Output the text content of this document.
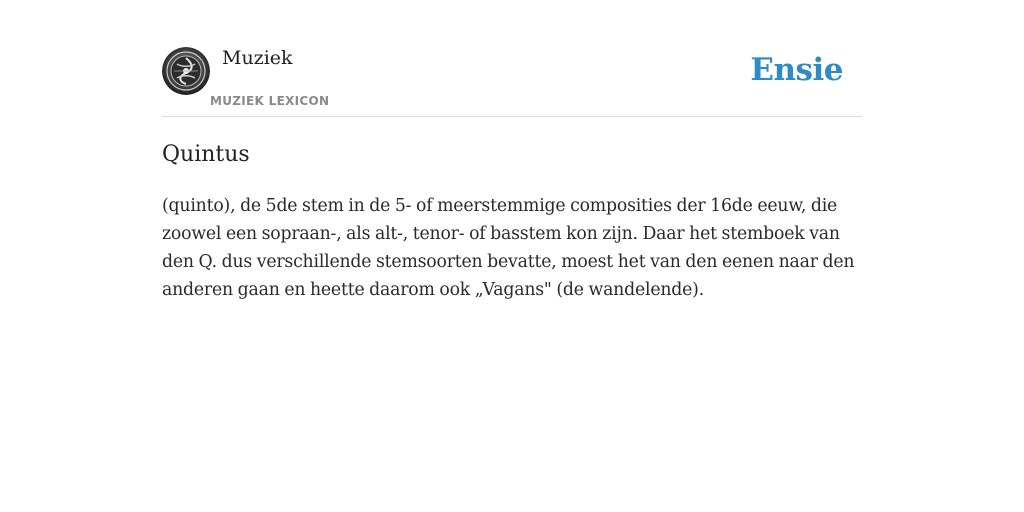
Muziek
MUZIEK LEXICON
Ensie
Quintus

(quinto), de 5de stem in de 5- of meerstemmige composities der 16de eeuw, die zoowel een sopraan-, als alt-, tenor- of basstem kon zijn. Daar het stemboek van den Q. dus verschillende stemsoorten bevatte, moest het van den eenen naar den anderen gaan en heette daarom ook „Vagans" (de wandelende).
